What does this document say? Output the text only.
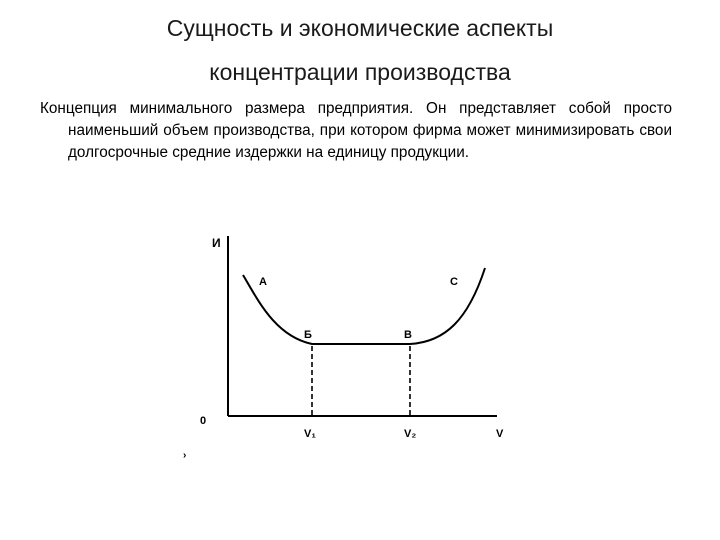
Сущность и экономические аспекты
концентрации производства
Концепция минимального размера предприятия. Он представляет собой просто наименьший объем производства, при котором фирма может минимизировать свои долгосрочные средние издержки на единицу продукции.
И
0
A	C
Б	В
V₁	V₂	V
›
